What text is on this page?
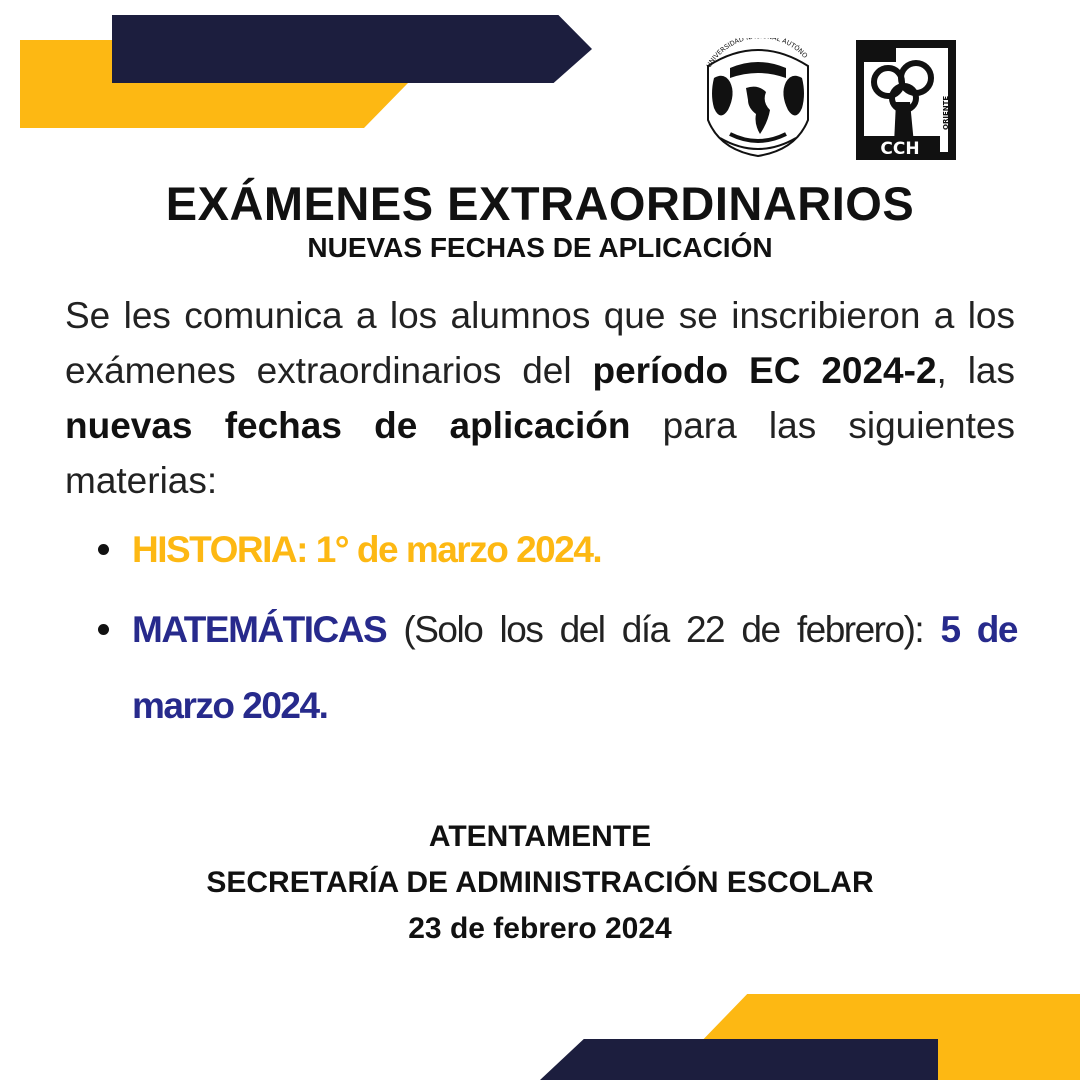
UNIVERSIDAD L AUTÓNO
POR MI
CCH
ORIENTE
EXÁMENES EXTRAORDINARIOS
NUEVAS FECHAS DE APLICACIÓN

Se les comunica a los alumnos que se inscribieron a los exámenes extraordinarios del período EC 2024-2, las nuevas fechas de aplicación para las siguientes materias:

HISTORIA: 1° de marzo 2024.
MATEMÁTICAS (Solo los del día 22 de febrero): 5 de marzo 2024.
ATENTAMENTE
SECRETARÍA DE ADMINISTRACIÓN ESCOLAR
23 de febrero 2024
